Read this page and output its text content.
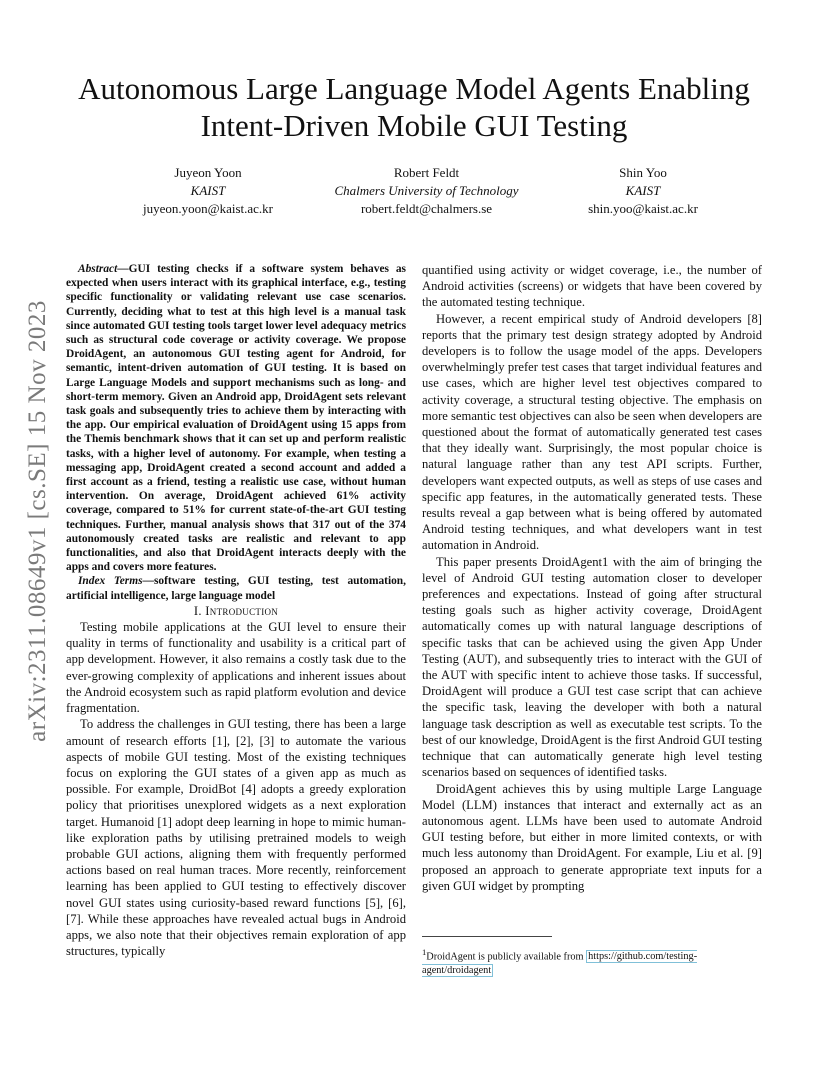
arXiv:2311.08649v1 [cs.SE] 15 Nov 2023
Autonomous Large Language Model Agents Enabling Intent-Driven Mobile GUI Testing
Juyeon Yoon
KAIST
juyeon.yoon@kaist.ac.kr
Robert Feldt
Chalmers University of Technology
robert.feldt@chalmers.se
Shin Yoo
KAIST
shin.yoo@kaist.ac.kr

Abstract—GUI testing checks if a software system behaves as expected when users interact with its graphical interface, e.g., testing specific functionality or validating relevant use case scenarios. Currently, deciding what to test at this high level is a manual task since automated GUI testing tools target lower level adequacy metrics such as structural code coverage or activity coverage. We propose DroidAgent, an autonomous GUI testing agent for Android, for semantic, intent-driven automation of GUI testing. It is based on Large Language Models and support mechanisms such as long- and short-term memory. Given an Android app, DroidAgent sets relevant task goals and subsequently tries to achieve them by interacting with the app. Our empirical evaluation of DroidAgent using 15 apps from the Themis benchmark shows that it can set up and perform realistic tasks, with a higher level of autonomy. For example, when testing a messaging app, DroidAgent created a second account and added a first account as a friend, testing a realistic use case, without human intervention. On average, DroidAgent achieved 61% activity coverage, compared to 51% for current state-of-the-art GUI testing techniques. Further, manual analysis shows that 317 out of the 374 autonomously created tasks are realistic and relevant to app functionalities, and also that DroidAgent interacts deeply with the apps and covers more features.

Index Terms—software testing, GUI testing, test automation, artificial intelligence, large language model

I. Introduction

Testing mobile applications at the GUI level to ensure their quality in terms of functionality and usability is a critical part of app development. However, it also remains a costly task due to the ever-growing complexity of applications and inherent issues about the Android ecosystem such as rapid platform evolution and device fragmentation.

To address the challenges in GUI testing, there has been a large amount of research efforts [1], [2], [3] to automate the various aspects of mobile GUI testing. Most of the existing techniques focus on exploring the GUI states of a given app as much as possible. For example, DroidBot [4] adopts a greedy exploration policy that prioritises unexplored widgets as a next exploration target. Humanoid [1] adopt deep learning in hope to mimic human-like exploration paths by utilising pretrained models to weigh probable GUI actions, aligning them with frequently performed actions based on real human traces. More recently, reinforcement learning has been applied to GUI testing to effectively discover novel GUI states using curiosity-based reward functions [5], [6], [7]. While these approaches have revealed actual bugs in Android apps, we also note that their objectives remain exploration of app structures, typically

quantified using activity or widget coverage, i.e., the number of Android activities (screens) or widgets that have been covered by the automated testing technique.

However, a recent empirical study of Android developers [8] reports that the primary test design strategy adopted by Android developers is to follow the usage model of the apps. Developers overwhelmingly prefer test cases that target individual features and use cases, which are higher level test objectives compared to activity coverage, a structural testing objective. The emphasis on more semantic test objectives can also be seen when developers are questioned about the format of automatically generated test cases that they ideally want. Surprisingly, the most popular choice is natural language rather than any test API scripts. Further, developers want expected outputs, as well as steps of use cases and specific app features, in the automatically generated tests. These results reveal a gap between what is being offered by automated Android testing techniques, and what developers want in test automation in Android.

This paper presents DroidAgent1 with the aim of bringing the level of Android GUI testing automation closer to developer preferences and expectations. Instead of going after structural testing goals such as higher activity coverage, DroidAgent automatically comes up with natural language descriptions of specific tasks that can be achieved using the given App Under Testing (AUT), and subsequently tries to interact with the GUI of the AUT with specific intent to achieve those tasks. If successful, DroidAgent will produce a GUI test case script that can achieve the specific task, leaving the developer with both a natural language task description as well as executable test scripts. To the best of our knowledge, DroidAgent is the first Android GUI testing technique that can automatically generate high level testing scenarios based on sequences of identified tasks.

DroidAgent achieves this by using multiple Large Language Model (LLM) instances that interact and externally act as an autonomous agent. LLMs have been used to automate Android GUI testing before, but either in more limited contexts, or with much less autonomy than DroidAgent. For example, Liu et al. [9] proposed an approach to generate appropriate text inputs for a given GUI widget by prompting

$^1$DroidAgent is publicly available from https://github.com/testing-agent/droidagent
